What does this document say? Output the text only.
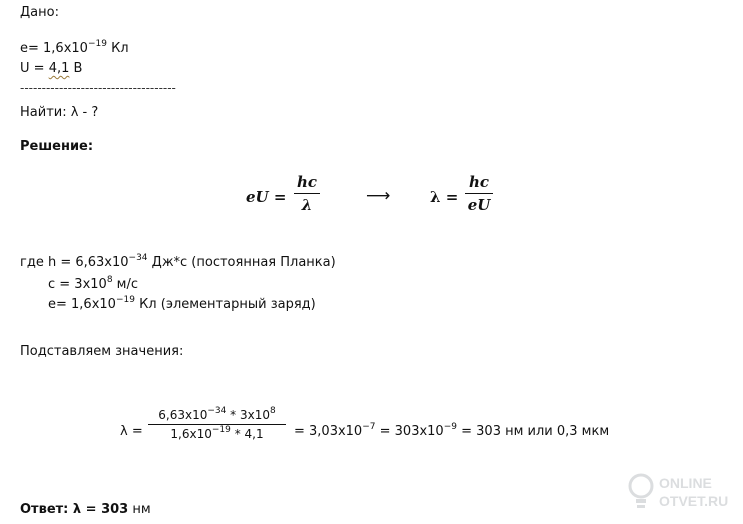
Дано:
$е= 1,6х10^{-19}$ Кл
U = 4,1 В
------------------------------------
Найти: λ - ?
Решение:
eU =
hc
λ	⟶	λ =
hc
eU
где $h = 6,63х10^{-34}$ Дж*с (постоянная Планка)
$с = 3х10^8$ м/с
$е= 1,6х10^{-19}$ Кл (элементарный заряд)
Подставляем значения:
λ =
$6,63х10^{-34} * 3х10^8$
$1,6х10^{-19} * 4,1$	= $3,03х10^{-7} = 303х10^{-9} = 303$ нм или 0,3 мкм
Ответ: λ = 303 нм
ONLINE
OTVET.RU
